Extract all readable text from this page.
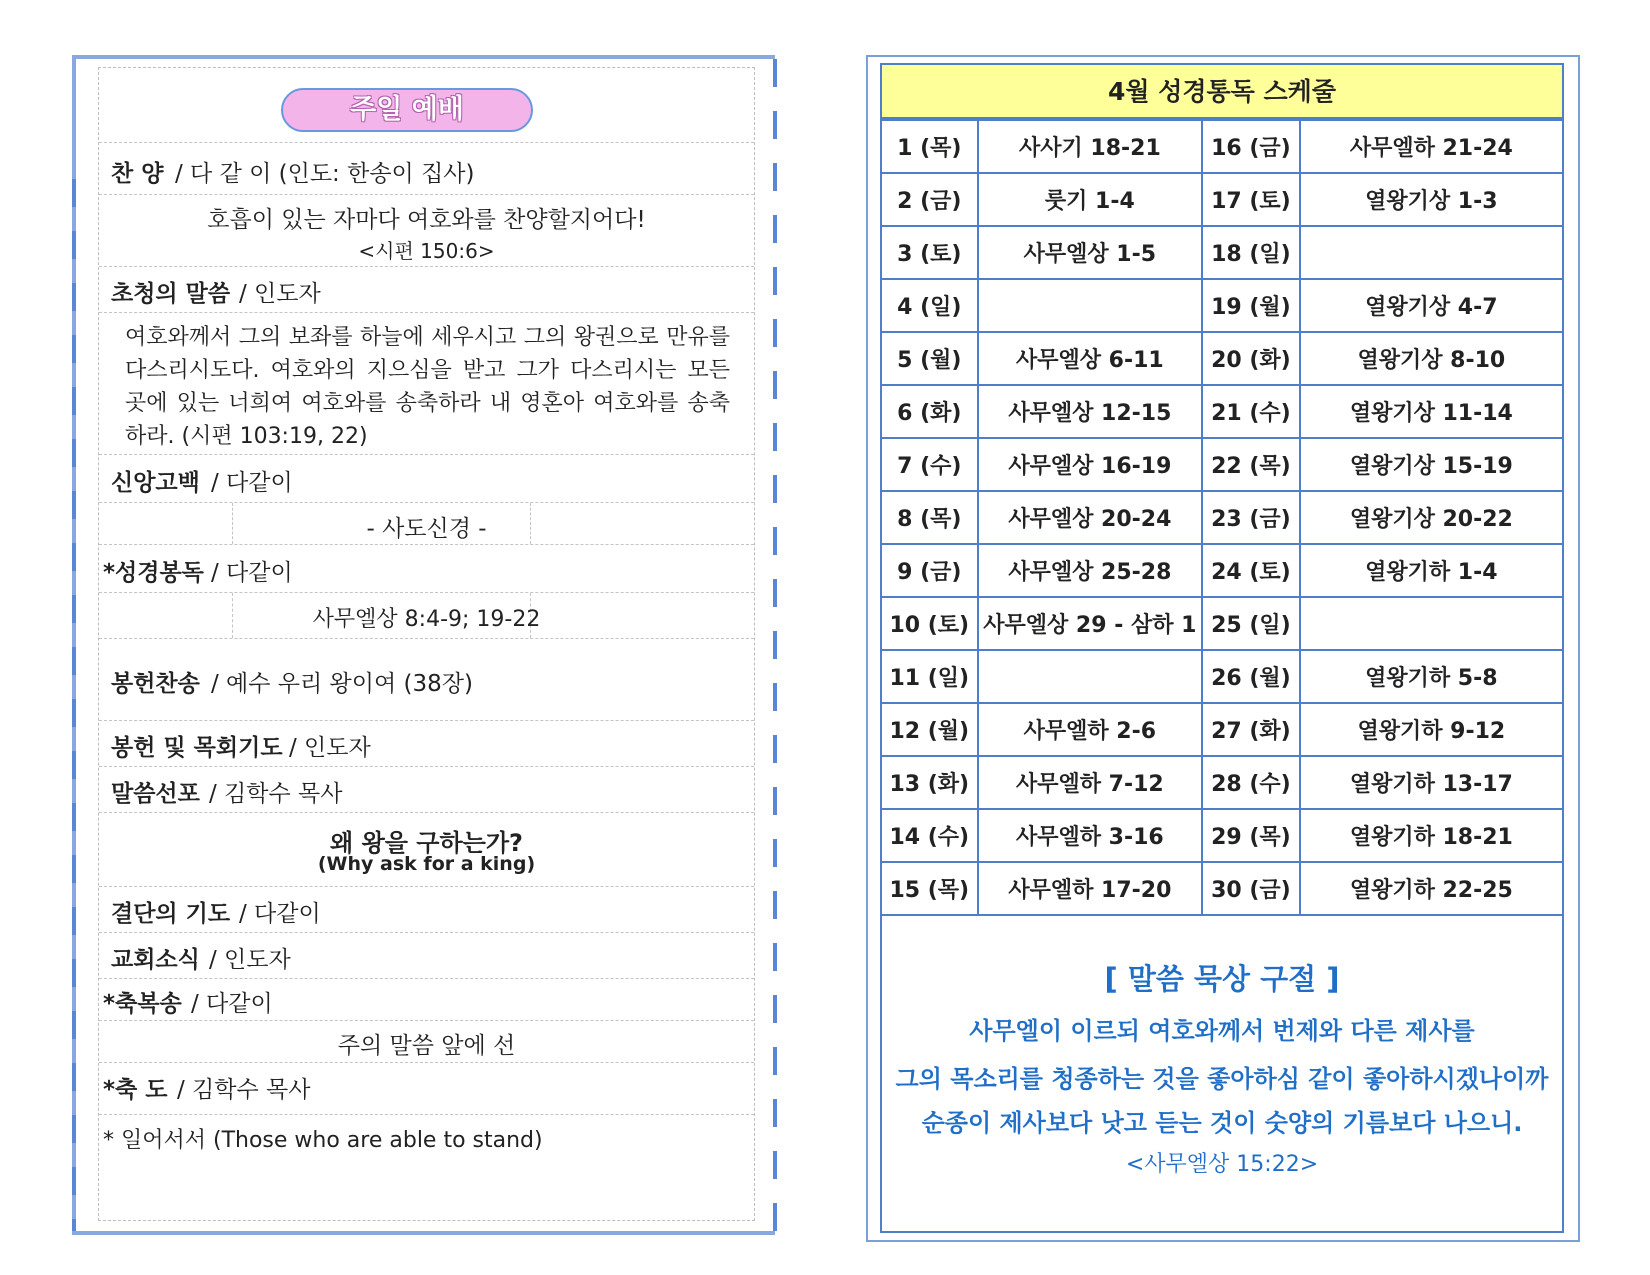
주일 예배
찬 양 / 다 같 이 (인도: 한송이 집사)
호흡이 있는 자마다 여호와를 찬양할지어다!
<시편 150:6>
초청의 말씀 / 인도자
여호와께서 그의 보좌를 하늘에 세우시고 그의 왕권으로 만유를 다스리시도다. 여호와의 지으심을 받고 그가 다스리시는 모든 곳에 있는 너희여 여호와를 송축하라 내 영혼아 여호와를 송축하라. (시편 103:19, 22)
신앙고백 / 다같이
- 사도신경 -
*성경봉독 / 다같이
사무엘상 8:4-9; 19-22
봉헌찬송 / 예수 우리 왕이여 (38장)
봉헌 및 목회기도 / 인도자
말씀선포 / 김학수 목사
왜 왕을 구하는가?
(Why ask for a king)
결단의 기도 / 다같이
교회소식 / 인도자
*축복송 / 다같이
주의 말씀 앞에 선
*축 도 / 김학수 목사
* 일어서서 (Those who are able to stand)
4월 성경통독 스케줄
1 (목)	사사기 18-21	16 (금)	사무엘하 21-24
2 (금)	룻기 1-4	17 (토)	열왕기상 1-3
3 (토)	사무엘상 1-5	18 (일)	
4 (일)		19 (월)	열왕기상 4-7
5 (월)	사무엘상 6-11	20 (화)	열왕기상 8-10
6 (화)	사무엘상 12-15	21 (수)	열왕기상 11-14
7 (수)	사무엘상 16-19	22 (목)	열왕기상 15-19
8 (목)	사무엘상 20-24	23 (금)	열왕기상 20-22
9 (금)	사무엘상 25-28	24 (토)	열왕기하 1-4
10 (토)	사무엘상 29 - 삼하 1	25 (일)	
11 (일)		26 (월)	열왕기하 5-8
12 (월)	사무엘하 2-6	27 (화)	열왕기하 9-12
13 (화)	사무엘하 7-12	28 (수)	열왕기하 13-17
14 (수)	사무엘하 3-16	29 (목)	열왕기하 18-21
15 (목)	사무엘하 17-20	30 (금)	열왕기하 22-25
[ 말씀 묵상 구절 ]
사무엘이 이르되 여호와께서 번제와 다른 제사를
그의 목소리를 청종하는 것을 좋아하심 같이 좋아하시겠나이까
순종이 제사보다 낫고 듣는 것이 숫양의 기름보다 나으니.
<사무엘상 15:22>
